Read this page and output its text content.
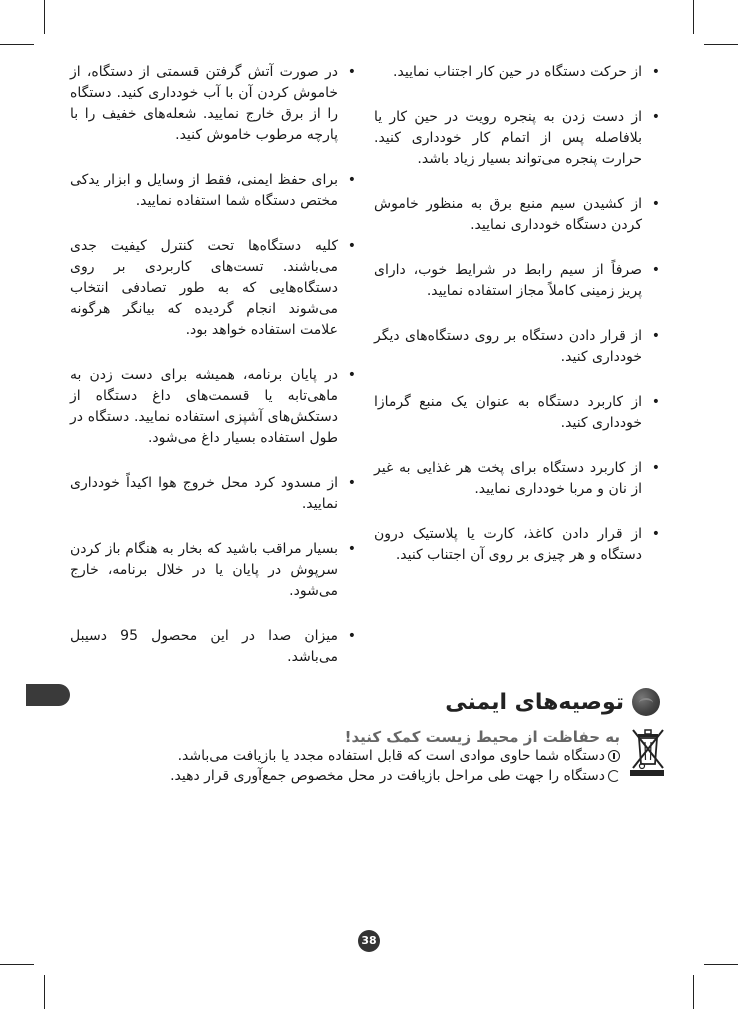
•
از حرکت دستگاه در حین کار اجتناب نمایید.
•
از دست زدن به پنجره رویت در حین کار یا بلافاصله پس از اتمام کار خودداری کنید. حرارت پنجره می‌تواند بسیار زیاد باشد.
•
از کشیدن سیم منبع برق به منظور خاموش کردن دستگاه خودداری نمایید.
•
صرفاً از سیم رابط در شرایط خوب، دارای پریز زمینی کاملاً مجاز استفاده نمایید.
•
از قرار دادن دستگاه بر روی دستگاه‌های دیگر خودداری کنید.
•
از کاربرد دستگاه به عنوان یک منبع گرمازا خودداری کنید.
•
از کاربرد دستگاه برای پخت هر غذایی به غیر از نان و مربا خودداری نمایید.
•
از قرار دادن کاغذ، کارت یا پلاستیک درون دستگاه و هر چیزی بر روی آن اجتناب کنید.
•
در صورت آتش گرفتن قسمتی از دستگاه، از خاموش کردن آن با آب خودداری کنید. دستگاه را از برق خارج نمایید. شعله‌های خفیف را با پارچه مرطوب خاموش کنید.
•
برای حفظ ایمنی، فقط از وسایل و ابزار یدکی مختص دستگاه شما استفاده نمایید.
•
کلیه دستگاه‌ها تحت کنترل کیفیت جدی می‌باشند. تست‌های کاربردی بر روی دستگاه‌هایی که به طور تصادفی انتخاب می‌شوند انجام گردیده که بیانگر هرگونه علامت استفاده خواهد بود.
•
در پایان برنامه، همیشه برای دست زدن به ماهی‌تابه یا قسمت‌های داغ دستگاه از دستکش‌های آشپزی استفاده نمایید. دستگاه در طول استفاده بسیار داغ می‌شود.
•
از مسدود کرد محل خروج هوا اکیداً خودداری نمایید.
•
بسیار مراقب باشید که بخار به هنگام باز کردن سرپوش در پایان یا در خلال برنامه، خارج می‌شود.
•
میزان صدا در این محصول 95 دسیبل می‌باشد.
توصیه‌های ایمنی
به حفاظت از محیط زیست کمک کنید!
دستگاه شما حاوی موادی است که قابل استفاده مجدد یا بازیافت می‌باشد.
دستگاه را جهت طی مراحل بازیافت در محل مخصوص جمع‌آوری قرار دهید.
38
